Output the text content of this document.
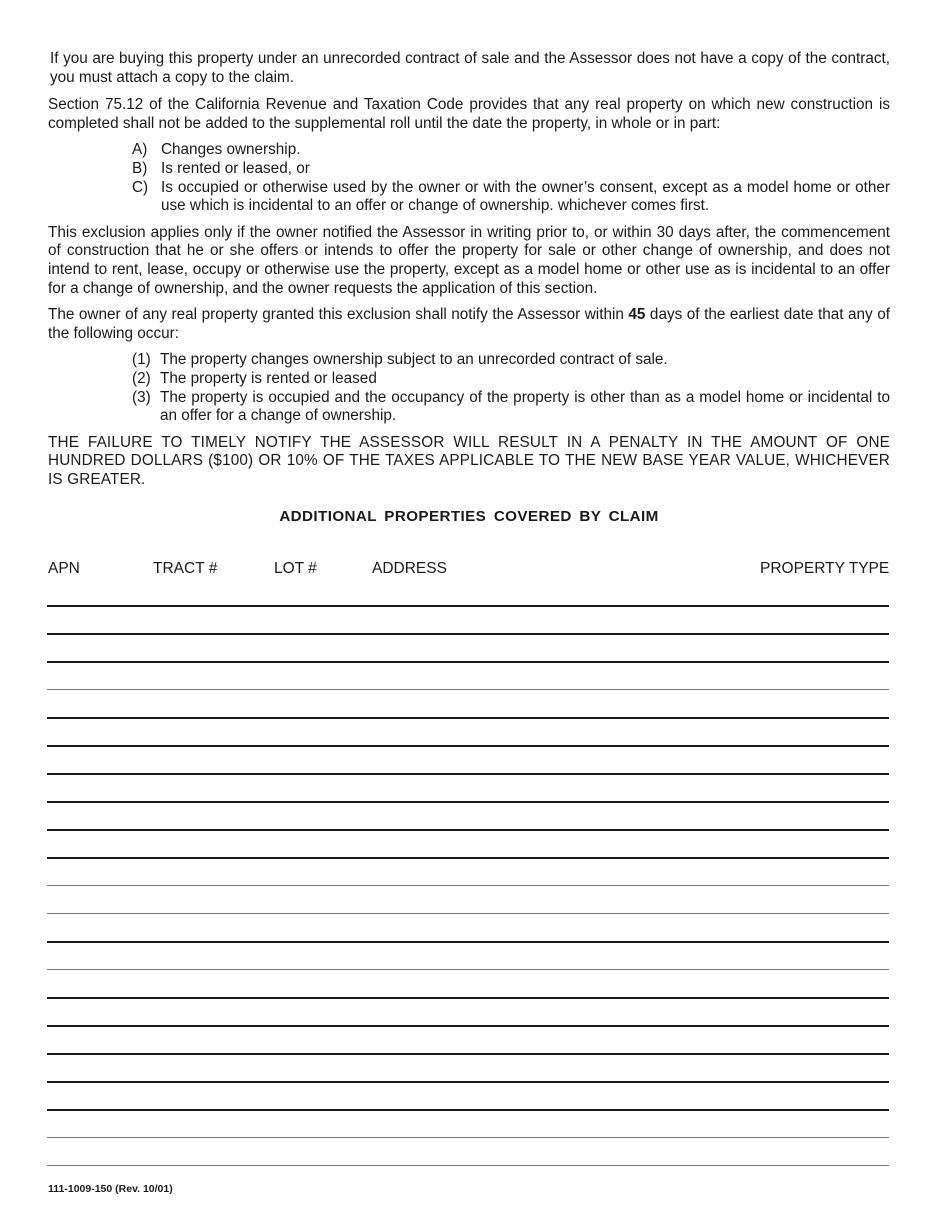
If you are buying this property under an unrecorded contract of sale and the Assessor does not have a copy of the contract, you must attach a copy to the claim.

Section 75.12 of the California Revenue and Taxation Code provides that any real property on which new construction is completed shall not be added to the supplemental roll until the date the property, in whole or in part:

A) Changes ownership.
B) Is rented or leased, or
C) Is occupied or otherwise used by the owner or with the owner’s consent, except as a model home or other use which is incidental to an offer or change of ownership. whichever comes first.

This exclusion applies only if the owner notified the Assessor in writing prior to, or within 30 days after, the commencement of construction that he or she offers or intends to offer the property for sale or other change of ownership, and does not intend to rent, lease, occupy or otherwise use the property, except as a model home or other use as is incidental to an offer for a change of ownership, and the owner requests the application of this section.

The owner of any real property granted this exclusion shall notify the Assessor within 45 days of the earliest date that any of the following occur:

(1) The property changes ownership subject to an unrecorded contract of sale.
(2) The property is rented or leased
(3) The property is occupied and the occupancy of the property is other than as a model home or incidental to an offer for a change of ownership.

THE FAILURE TO TIMELY NOTIFY THE ASSESSOR WILL RESULT IN A PENALTY IN THE AMOUNT OF ONE HUNDRED DOLLARS ($100) OR 10% OF THE TAXES APPLICABLE TO THE NEW BASE YEAR VALUE, WHICHEVER IS GREATER.

ADDITIONAL PROPERTIES COVERED BY CLAIM
APN	TRACT #	LOT #	ADDRESS	PROPERTY TYPE
111-1009-150 (Rev. 10/01)
